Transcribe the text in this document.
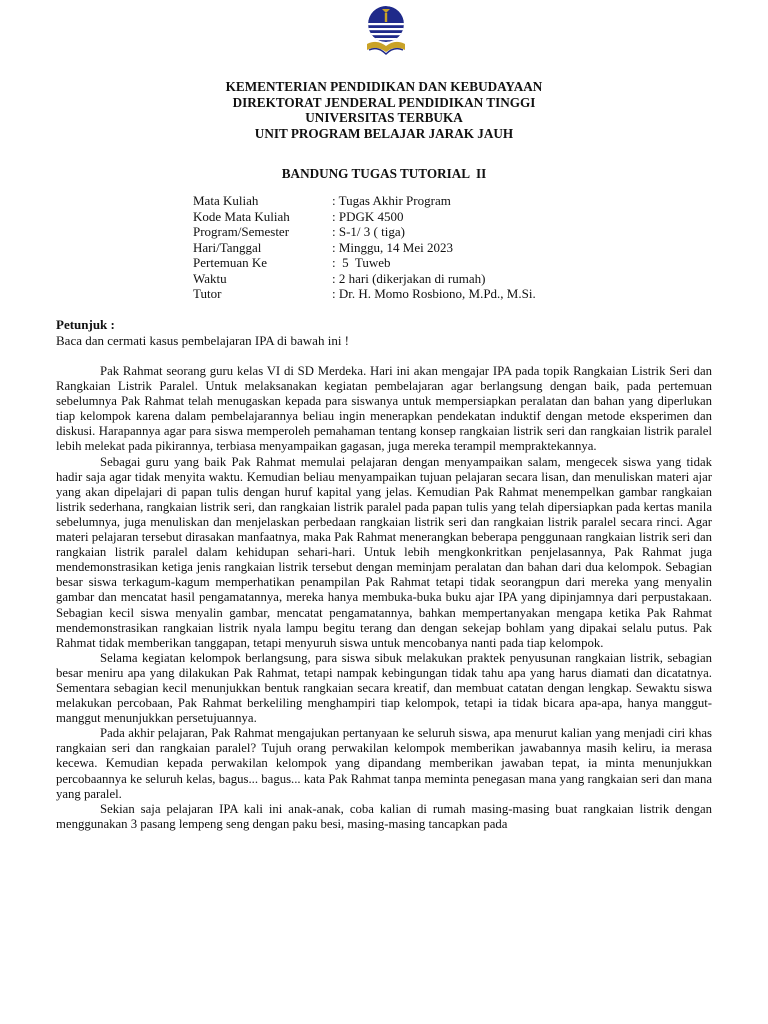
KEMENTERIAN PENDIDIKAN DAN KEBUDAYAAN
DIREKTORAT JENDERAL PENDIDIKAN TINGGI
UNIVERSITAS TERBUKA
UNIT PROGRAM BELAJAR JARAK JAUH
BANDUNG TUGAS TUTORIAL  II
Mata Kuliah	: Tugas Akhir Program
Kode Mata Kuliah	: PDGK 4500
Program/Semester	: S-1/ 3 ( tiga)
Hari/Tanggal	: Minggu, 14 Mei 2023
Pertemuan Ke	:  5  Tuweb
Waktu	: 2 hari (dikerjakan di rumah)
Tutor	: Dr. H. Momo Rosbiono, M.Pd., M.Si.
Petunjuk :
Baca dan cermati kasus pembelajaran IPA di bawah ini !

Pak Rahmat seorang guru kelas VI di SD Merdeka. Hari ini akan mengajar IPA pada topik Rangkaian Listrik Seri dan Rangkaian Listrik Paralel. Untuk melaksanakan kegiatan pembelajaran agar berlangsung dengan baik, pada pertemuan sebelumnya Pak Rahmat telah menugaskan kepada para siswanya untuk mempersiapkan peralatan dan bahan yang diperlukan tiap kelompok karena dalam pembelajarannya beliau ingin menerapkan pendekatan induktif dengan metode eksperimen dan diskusi. Harapannya agar para siswa memperoleh pemahaman tentang konsep rangkaian listrik seri dan rangkaian listrik paralel lebih melekat pada pikirannya, terbiasa menyampaikan gagasan, juga mereka terampil mempraktekannya.

Sebagai guru yang baik Pak Rahmat memulai pelajaran dengan menyampaikan salam, mengecek siswa yang tidak hadir saja agar tidak menyita waktu. Kemudian beliau menyampaikan tujuan pelajaran secara lisan, dan menuliskan materi ajar yang akan dipelajari di papan tulis dengan huruf kapital yang jelas. Kemudian Pak Rahmat menempelkan gambar rangkaian listrik sederhana, rangkaian listrik seri, dan rangkaian listrik paralel pada papan tulis yang telah dipersiapkan pada kertas manila sebelumnya, juga menuliskan dan menjelaskan perbedaan rangkaian listrik seri dan rangkaian listrik paralel secara rinci. Agar materi pelajaran tersebut dirasakan manfaatnya, maka Pak Rahmat menerangkan beberapa penggunaan rangkaian listrik seri dan rangkaian listrik paralel dalam kehidupan sehari-hari. Untuk lebih mengkonkritkan penjelasannya, Pak Rahmat juga mendemonstrasikan ketiga jenis rangkaian listrik tersebut dengan meminjam peralatan dan bahan dari dua kelompok. Sebagian besar siswa terkagum-kagum memperhatikan penampilan Pak Rahmat tetapi tidak seorangpun dari mereka yang menyalin gambar dan mencatat hasil pengamatannya, mereka hanya membuka-buka buku ajar IPA yang dipinjamnya dari perpustakaan. Sebagian kecil siswa menyalin gambar, mencatat pengamatannya, bahkan mempertanyakan mengapa ketika Pak Rahmat mendemonstrasikan rangkaian listrik nyala lampu begitu terang dan dengan sekejap bohlam yang dipakai selalu putus. Pak Rahmat tidak memberikan tanggapan, tetapi menyuruh siswa untuk mencobanya nanti pada tiap kelompok.

Selama kegiatan kelompok berlangsung, para siswa sibuk melakukan praktek penyusunan rangkaian listrik, sebagian besar meniru apa yang dilakukan Pak Rahmat, tetapi nampak kebingungan tidak tahu apa yang harus diamati dan dicatatnya. Sementara sebagian kecil menunjukkan bentuk rangkaian secara kreatif, dan membuat catatan dengan lengkap. Sewaktu siswa melakukan percobaan, Pak Rahmat berkeliling menghampiri tiap kelompok, tetapi ia tidak bicara apa-apa, hanya manggut-manggut menunjukkan persetujuannya.

Pada akhir pelajaran, Pak Rahmat mengajukan pertanyaan ke seluruh siswa, apa menurut kalian yang menjadi ciri khas rangkaian seri dan rangkaian paralel? Tujuh orang perwakilan kelompok memberikan jawabannya masih keliru, ia merasa kecewa. Kemudian kepada perwakilan kelompok yang dipandang memberikan jawaban tepat, ia minta menunjukkan percobaannya ke seluruh kelas, bagus... bagus... kata Pak Rahmat tanpa meminta penegasan mana yang rangkaian seri dan mana yang paralel.

Sekian saja pelajaran IPA kali ini anak-anak, coba kalian di rumah masing-masing buat rangkaian listrik dengan menggunakan 3 pasang lempeng seng dengan paku besi, masing-masing tancapkan pada
